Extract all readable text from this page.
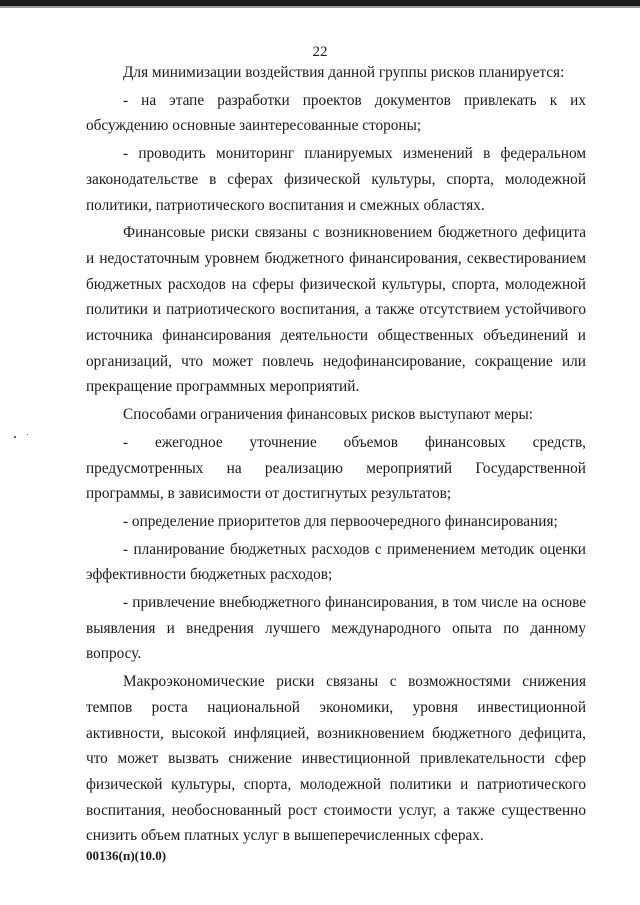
22

Для минимизации воздействия данной группы рисков планируется:

- на этапе разработки проектов документов привлекать к их обсуждению основные заинтересованные стороны;

- проводить мониторинг планируемых изменений в федеральном законодательстве в сферах физической культуры, спорта, молодежной политики, патриотического воспитания и смежных областях.

Финансовые риски связаны с возникновением бюджетного дефицита и недостаточным уровнем бюджетного финансирования, секвестированием бюджетных расходов на сферы физической культуры, спорта, молодежной политики и патриотического воспитания, а также отсутствием устойчивого источника финансирования деятельности общественных объединений и организаций, что может повлечь недофинансирование, сокращение или прекращение программных мероприятий.

Способами ограничения финансовых рисков выступают меры:

- ежегодное уточнение объемов финансовых средств, предусмотренных на реализацию мероприятий Государственной программы, в зависимости от достигнутых результатов;

- определение приоритетов для первоочередного финансирования;

- планирование бюджетных расходов с применением методик оценки эффективности бюджетных расходов;

- привлечение внебюджетного финансирования, в том числе на основе выявления и внедрения лучшего международного опыта по данному вопросу.

Макроэкономические риски связаны с возможностями снижения темпов роста национальной экономики, уровня инвестиционной активности, высокой инфляцией, возникновением бюджетного дефицита, что может вызвать снижение инвестиционной привлекательности сфер физической культуры, спорта, молодежной политики и патриотического воспитания, необоснованный рост стоимости услуг, а также существенно снизить объем платных услуг в вышеперечисленных сферах.

00136(п)(10.0)
